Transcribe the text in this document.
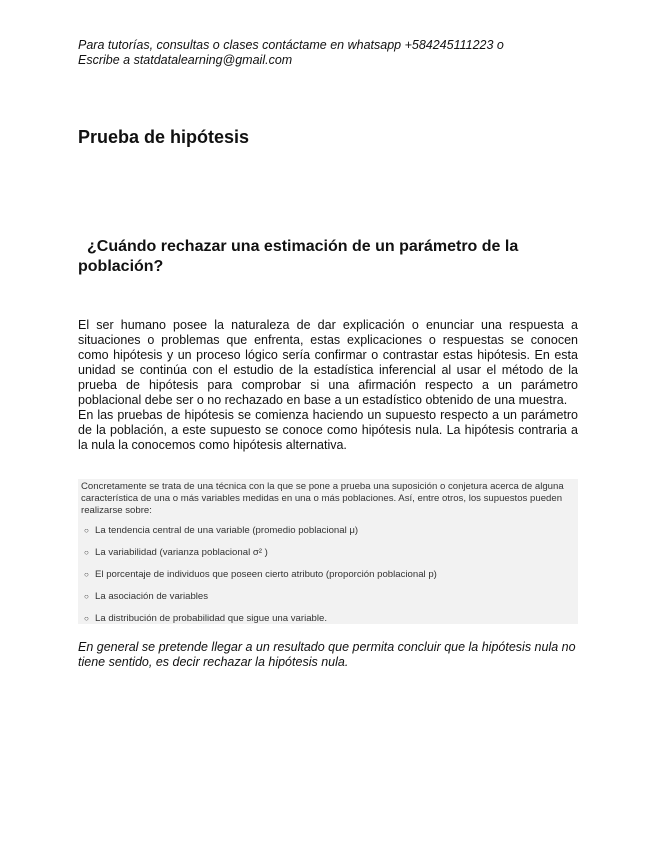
Para tutorías, consultas o clases contáctame en whatsapp +584245111223 o
Escribe a statdatalearning@gmail.com

Prueba de hipótesis
¿Cuándo rechazar una estimación de un parámetro de la población?

El ser humano posee la naturaleza de dar explicación o enunciar una respuesta a situaciones o problemas que enfrenta, estas explicaciones o respuestas se conocen como hipótesis y un proceso lógico sería confirmar o contrastar estas hipótesis. En esta unidad se continúa con el estudio de la estadística inferencial al usar el método de la prueba de hipótesis para comprobar si una afirmación respecto a un parámetro poblacional debe ser o no rechazado en base a un estadístico obtenido de una muestra.

En las pruebas de hipótesis se comienza haciendo un supuesto respecto a un parámetro de la población, a este supuesto se conoce como hipótesis nula. La hipótesis contraria a la nula la conocemos como hipótesis alternativa.

Concretamente se trata de una técnica con la que se pone a prueba una suposición o conjetura acerca de alguna característica de una o más variables medidas en una o más poblaciones. Así, entre otros, los supuestos pueden realizarse sobre:

○ La tendencia central de una variable (promedio poblacional μ)
○ La variabilidad (varianza poblacional σ² )
○ El porcentaje de individuos que poseen cierto atributo (proporción poblacional p)
○ La asociación de variables
○ La distribución de probabilidad que sigue una variable.

En general se pretende llegar a un resultado que permita concluir que la hipótesis nula no tiene sentido, es decir rechazar la hipótesis nula.
